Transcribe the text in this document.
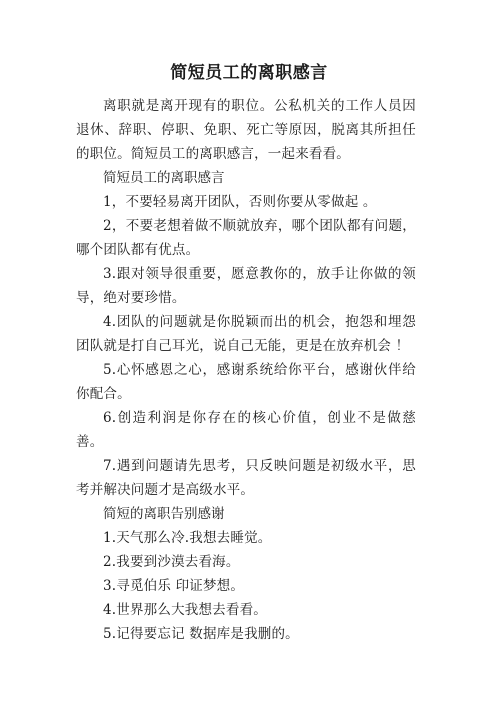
简短员工的离职感言

离职就是离开现有的职位。公私机关的工作人员因退休、辞职、停职、免职、死亡等原因，脱离其所担任的职位。简短员工的离职感言，一起来看看。

简短员工的离职感言

1，不要轻易离开团队，否则你要从零做起 。

2，不要老想着做不顺就放弃，哪个团队都有问题，哪个团队都有优点。

3.跟对领导很重要，愿意教你的，放手让你做的领导，绝对要珍惜。

4.团队的问题就是你脱颖而出的机会，抱怨和埋怨团队就是打自己耳光，说自己无能，更是在放弃机会 ！

5.心怀感恩之心，感谢系统给你平台，感谢伙伴给你配合。

6.创造利润是你存在的核心价值，创业不是做慈善。

7.遇到问题请先思考，只反映问题是初级水平，思考并解决问题才是高级水平。

简短的离职告别感谢

1.天气那么冷.我想去睡觉。

2.我要到沙漠去看海。

3.寻觅伯乐 印证梦想。

4.世界那么大我想去看看。

5.记得要忘记 数据库是我删的。
